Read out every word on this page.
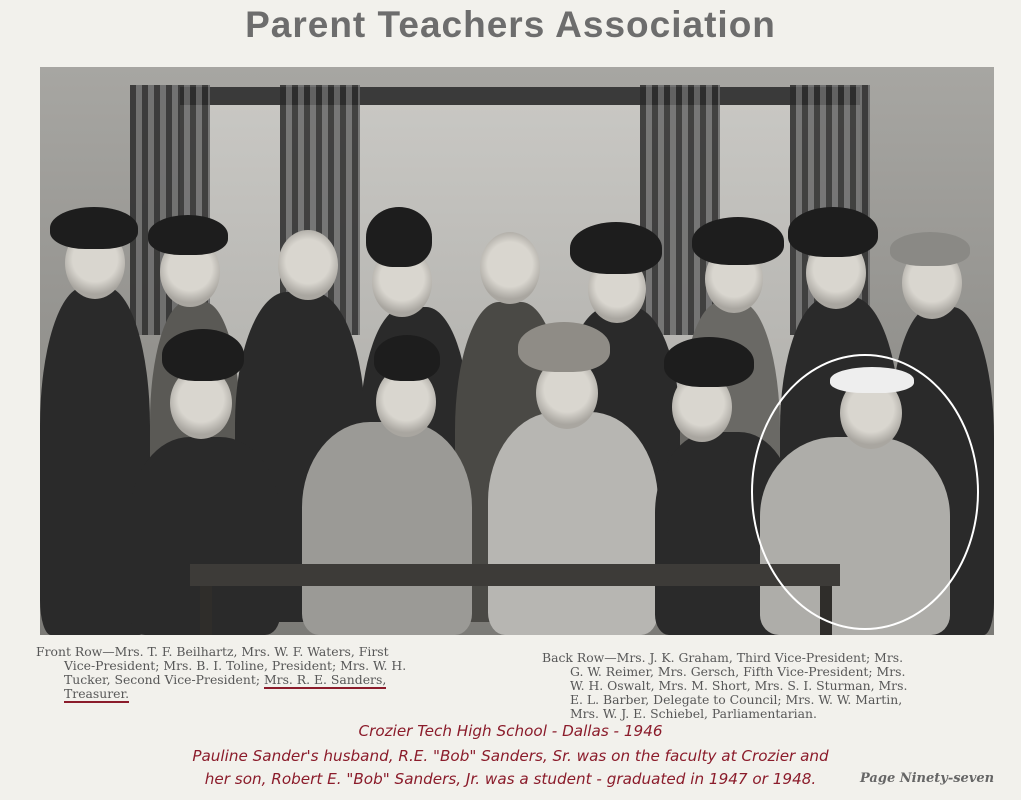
Parent Teachers Association

Front Row—Mrs. T. F. Beilhartz, Mrs. W. F. Waters, First
Vice-President; Mrs. B. I. Toline, President; Mrs. W. H.
Tucker, Second Vice-President; Mrs. R. E. Sanders,
Treasurer.

Back Row—Mrs. J. K. Graham, Third Vice-President; Mrs.
G. W. Reimer, Mrs. Gersch, Fifth Vice-President; Mrs.
W. H. Oswalt, Mrs. M. Short, Mrs. S. I. Sturman, Mrs.
E. L. Barber, Delegate to Council; Mrs. W. W. Martin,
Mrs. W. J. E. Schiebel, Parliamentarian.

Crozier Tech High School - Dallas - 1946

Pauline Sander's husband, R.E. "Bob" Sanders, Sr. was on the faculty at Crozier and

her son, Robert E. "Bob" Sanders, Jr. was a student - graduated in 1947 or 1948.	Page Ninety-seven
